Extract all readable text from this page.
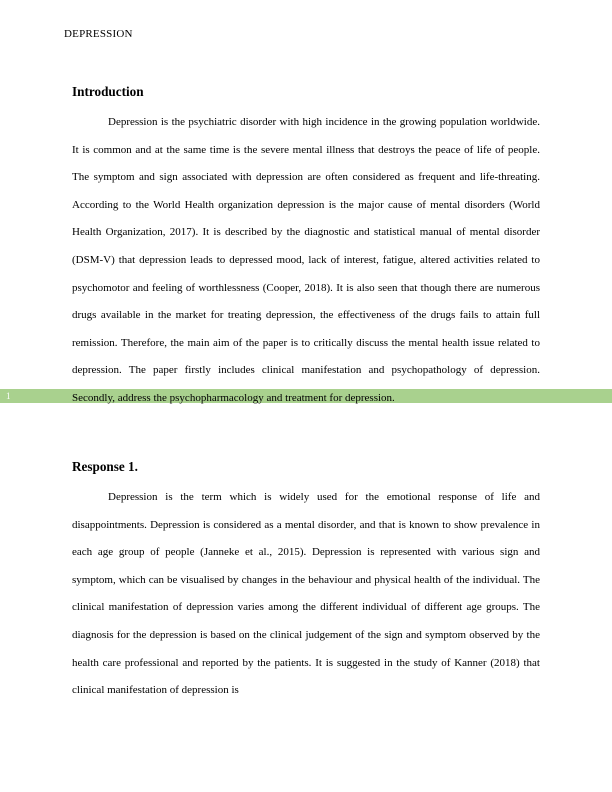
DEPRESSION
1
Introduction

Depression is the psychiatric disorder with high incidence in the growing population worldwide. It is common and at the same time is the severe mental illness that destroys the peace of life of people. The symptom and sign associated with depression are often considered as frequent and life-threating. According to the World Health organization depression is the major cause of mental disorders (World Health Organization, 2017). It is described by the diagnostic and statistical manual of mental disorder (DSM-V) that depression leads to depressed mood, lack of interest, fatigue, altered activities related to psychomotor and feeling of worthlessness (Cooper, 2018). It is also seen that though there are numerous drugs available in the market for treating depression, the effectiveness of the drugs fails to attain full remission. Therefore, the main aim of the paper is to critically discuss the mental health issue related to depression. The paper firstly includes clinical manifestation and psychopathology of depression. Secondly, address the psychopharmacology and treatment for depression.

Response 1.

Depression is the term which is widely used for the emotional response of life and disappointments. Depression is considered as a mental disorder, and that is known to show prevalence in each age group of people (Janneke et al., 2015). Depression is represented with various sign and symptom, which can be visualised by changes in the behaviour and physical health of the individual. The clinical manifestation of depression varies among the different individual of different age groups. The diagnosis for the depression is based on the clinical judgement of the sign and symptom observed by the health care professional and reported by the patients. It is suggested in the study of Kanner (2018) that clinical manifestation of depression is
